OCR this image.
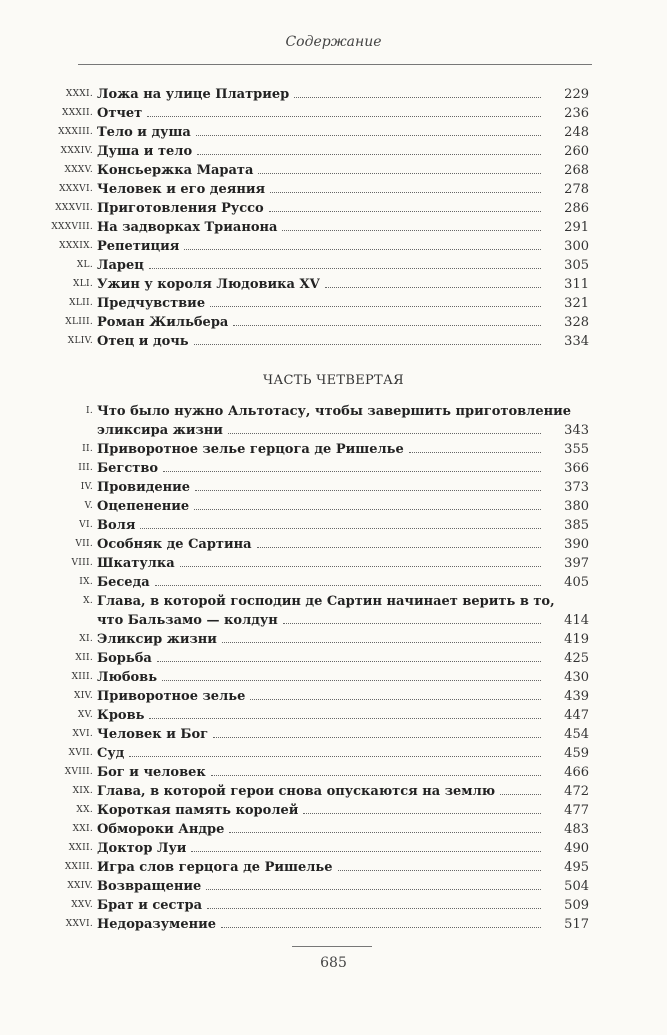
Содержание
XXXI. Ложа на улице Платриер	229
XXXII. Отчет	236
XXXIII. Тело и душа	248
XXXIV. Душа и тело	260
XXXV. Консьержка Марата	268
XXXVI. Человек и его деяния	278
XXXVII. Приготовления Руссо	286
XXXVIII. На задворках Трианона	291
XXXIX. Репетиция	300
XL. Ларец	305
XLI. Ужин у короля Людовика XV	311
XLII. Предчувствие	321
XLIII. Роман Жильбера	328
XLIV. Отец и дочь	334
ЧАСТЬ ЧЕТВЕРТАЯ
I. Что было нужно Альтотасу, чтобы завершить приготовление
эликсира жизни	343
II. Приворотное зелье герцога де Ришелье	355
III. Бегство	366
IV. Провидение	373
V. Оцепенение	380
VI. Воля	385
VII. Особняк де Сартина	390
VIII. Шкатулка	397
IX. Беседа	405
X. Глава, в которой господин де Сартин начинает верить в то,
что Бальзамо — колдун	414
XI. Эликсир жизни	419
XII. Борьба	425
XIII. Любовь	430
XIV. Приворотное зелье	439
XV. Кровь	447
XVI. Человек и Бог	454
XVII. Суд	459
XVIII. Бог и человек	466
XIX. Глава, в которой герои снова опускаются на землю	472
XX. Короткая память королей	477
XXI. Обмороки Андре	483
XXII. Доктор Луи	490
XXIII. Игра слов герцога де Ришелье	495
XXIV. Возвращение	504
XXV. Брат и сестра	509
XXVI. Недоразумение	517
685
